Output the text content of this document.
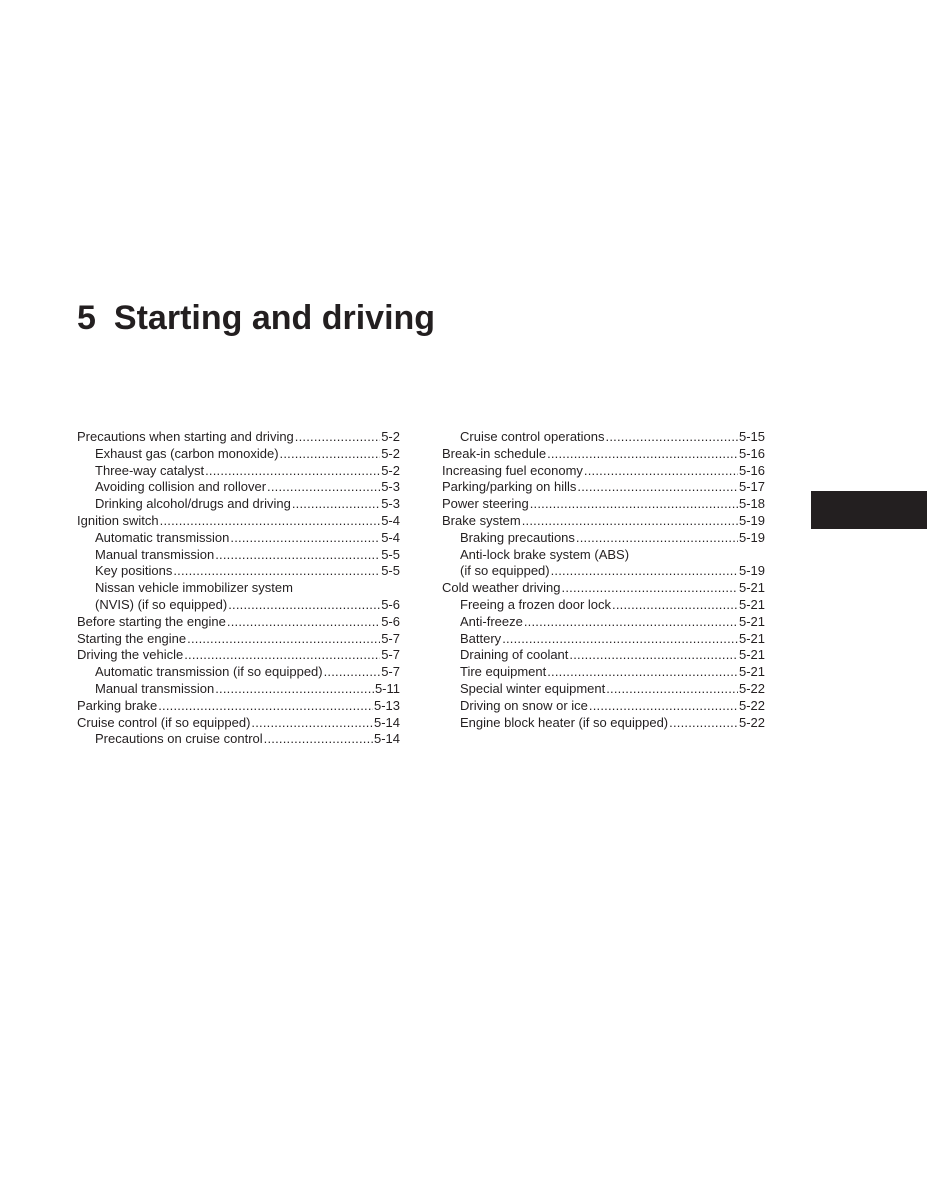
5 Starting and driving
Precautions when starting and driving .....	5-2
Exhaust gas (carbon monoxide) .....	5-2
Three-way catalyst .....	5-2
Avoiding collision and rollover .....	5-3
Drinking alcohol/drugs and driving .....	5-3
Ignition switch .....	5-4
Automatic transmission .....	5-4
Manual transmission .....	5-5
Key positions .....	5-5
Nissan vehicle immobilizer system
(NVIS) (if so equipped) .....	5-6
Before starting the engine .....	5-6
Starting the engine .....	5-7
Driving the vehicle .....	5-7
Automatic transmission (if so equipped) .....	5-7
Manual transmission .....	5-11
Parking brake .....	5-13
Cruise control (if so equipped) .....	5-14
Precautions on cruise control .....	5-14
Cruise control operations .....	5-15
Break-in schedule .....	5-16
Increasing fuel economy .....	5-16
Parking/parking on hills .....	5-17
Power steering .....	5-18
Brake system .....	5-19
Braking precautions .....	5-19
Anti-lock brake system (ABS)
(if so equipped) .....	5-19
Cold weather driving .....	5-21
Freeing a frozen door lock .....	5-21
Anti-freeze .....	5-21
Battery .....	5-21
Draining of coolant .....	5-21
Tire equipment .....	5-21
Special winter equipment .....	5-22
Driving on snow or ice .....	5-22
Engine block heater (if so equipped) .....	5-22
